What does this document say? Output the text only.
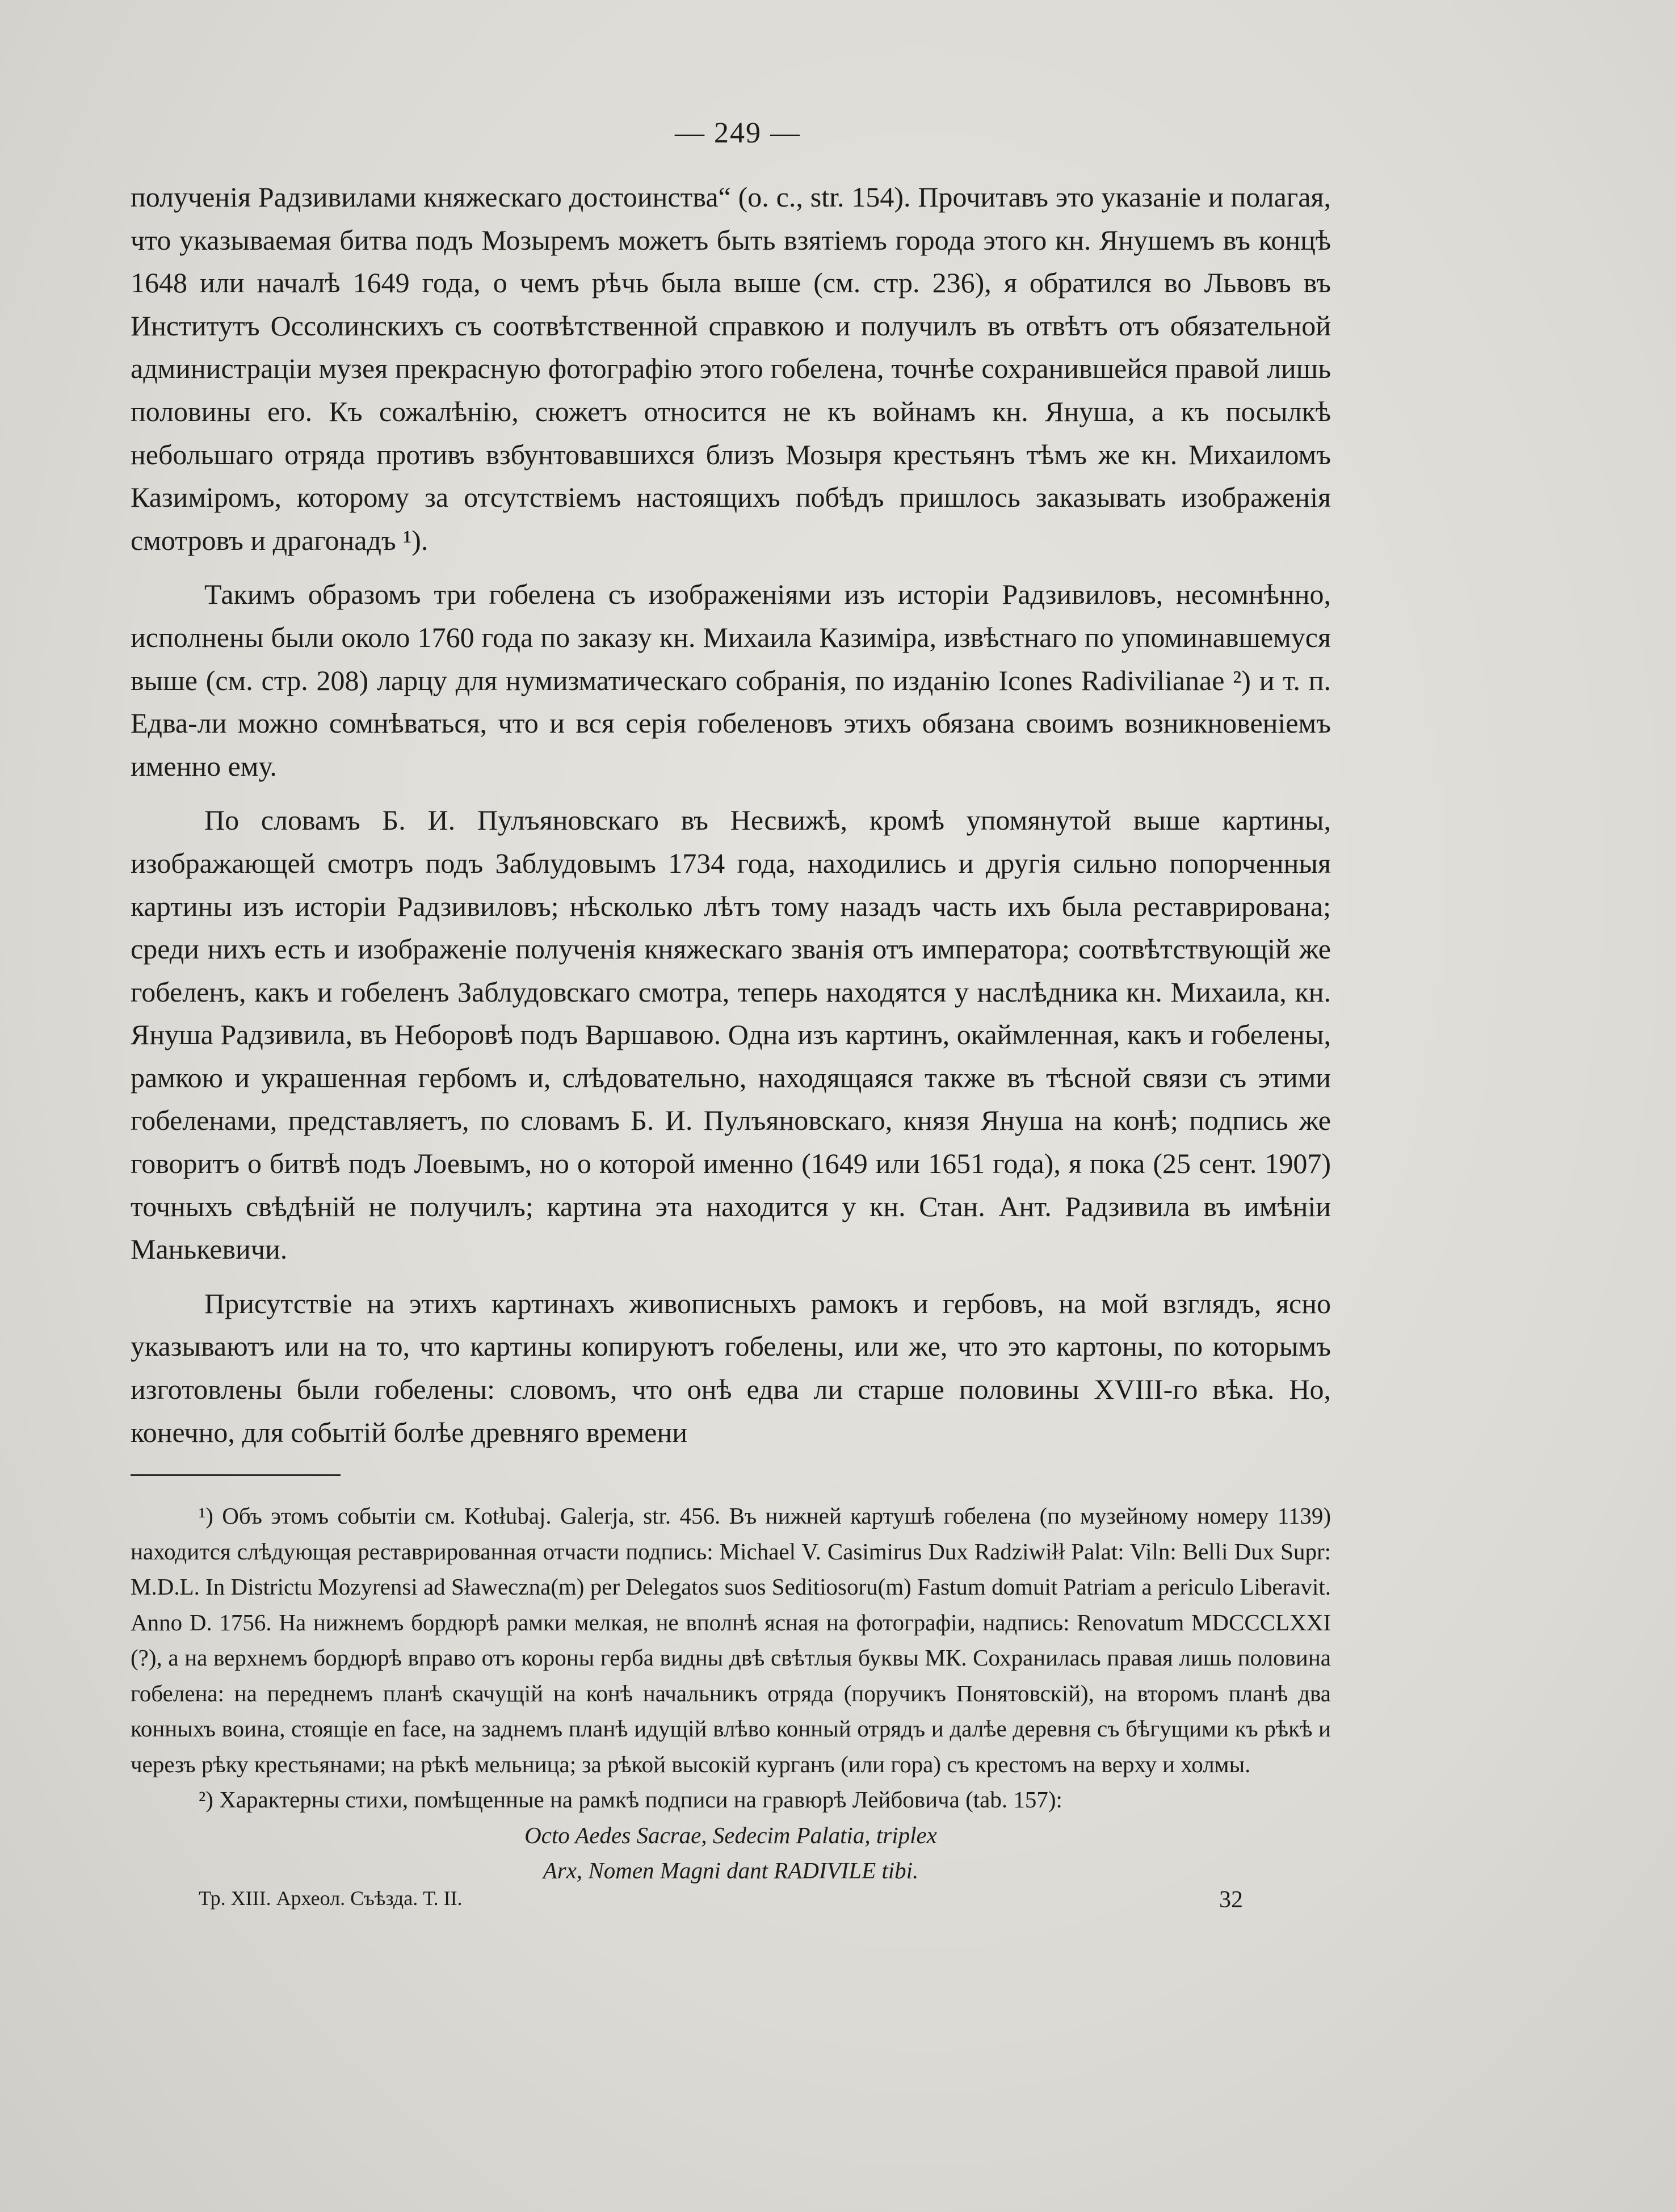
— 249 —

полученія Радзивилами княжескаго достоинства“ (o. c., str. 154). Прочитавъ это указаніе и полагая, что указываемая битва подъ Мозыремъ можетъ быть взятіемъ города этого кн. Янушемъ въ концѣ 1648 или началѣ 1649 года, о чемъ рѣчь была выше (см. стр. 236), я обратился во Львовъ въ Институтъ Оссолинскихъ съ соотвѣтственной справкою и получилъ въ отвѣтъ отъ обязательной администраціи музея прекрасную фотографію этого гобелена, точнѣе сохранившейся правой лишь половины его. Къ сожалѣнію, сюжетъ относится не къ войнамъ кн. Януша, а къ посылкѣ небольшаго отряда противъ взбунтовавшихся близъ Мозыря крестьянъ тѣмъ же кн. Михаиломъ Казиміромъ, которому за отсутствіемъ настоящихъ побѣдъ пришлось заказывать изображенія смотровъ и драгонадъ ¹).

Такимъ образомъ три гобелена съ изображеніями изъ исторіи Радзивиловъ, несомнѣнно, исполнены были около 1760 года по заказу кн. Михаила Казиміра, извѣстнаго по упоминавшемуся выше (см. стр. 208) ларцу для нумизматическаго собранія, по изданію Icones Radivilianae ²) и т. п. Едва-ли можно сомнѣваться, что и вся серія гобеленовъ этихъ обязана своимъ возникновеніемъ именно ему.

По словамъ Б. И. Пулъяновскаго въ Несвижѣ, кромѣ упомянутой выше картины, изображающей смотръ подъ Заблудовымъ 1734 года, находились и другія сильно попорченныя картины изъ исторіи Радзивиловъ; нѣсколько лѣтъ тому назадъ часть ихъ была реставрирована; среди нихъ есть и изображеніе полученія княжескаго званія отъ императора; соотвѣтствующій же гобеленъ, какъ и гобеленъ Заблудовскаго смотра, теперь находятся у наслѣдника кн. Михаила, кн. Януша Радзивила, въ Неборовѣ подъ Варшавою. Одна изъ картинъ, окаймленная, какъ и гобелены, рамкою и украшенная гербомъ и, слѣдовательно, находящаяся также въ тѣсной связи съ этими гобеленами, представляетъ, по словамъ Б. И. Пулъяновскаго, князя Януша на конѣ; подпись же говоритъ о битвѣ подъ Лоевымъ, но о которой именно (1649 или 1651 года), я пока (25 сент. 1907) точныхъ свѣдѣній не получилъ; картина эта находится у кн. Стан. Ант. Радзивила въ имѣніи Манькевичи.

Присутствіе на этихъ картинахъ живописныхъ рамокъ и гербовъ, на мой взглядъ, ясно указываютъ или на то, что картины копируютъ гобелены, или же, что это картоны, по которымъ изготовлены были гобелены: словомъ, что онѣ едва ли старше половины XVIII-го вѣка. Но, конечно, для событій болѣе древняго времени

¹) Объ этомъ событіи см. Kotłubaj. Galerja, str. 456. Въ нижней картушѣ гобелена (по музейному номеру 1139) находится слѣдующая реставрированная отчасти подпись: Michael V. Casimirus Dux Radziwiłł Palat: Viln: Belli Dux Supr: M.D.L. In Districtu Mozyrensi ad Sławeczna(m) per Delegatos suos Seditiosoru(m) Fastum domuit Patriam a periculo Liberavit. Anno D. 1756. На нижнемъ бордюрѣ рамки мелкая, не вполнѣ ясная на фотографіи, надпись: Renovatum MDCCCLXXI (?), а на верхнемъ бордюрѣ вправо отъ короны герба видны двѣ свѣтлыя буквы МК. Сохранилась правая лишь половина гобелена: на переднемъ планѣ скачущій на конѣ начальникъ отряда (поручикъ Понятовскій), на второмъ планѣ два конныхъ воина, стоящіе en face, на заднемъ планѣ идущій влѣво конный отрядъ и далѣе деревня съ бѣгущими къ рѣкѣ и черезъ рѣку крестьянами; на рѣкѣ мельница; за рѣкой высокій курганъ (или гора) съ крестомъ на верху и холмы.

²) Характерны стихи, помѣщенные на рамкѣ подписи на гравюрѣ Лейбовича (tab. 157):

Octo Aedes Sacrae, Sedecim Palatia, triplex

Arx, Nomen Magni dant RADIVILE tibi.

Тр. XIII. Археол. Съѣзда. Т. II.	32
